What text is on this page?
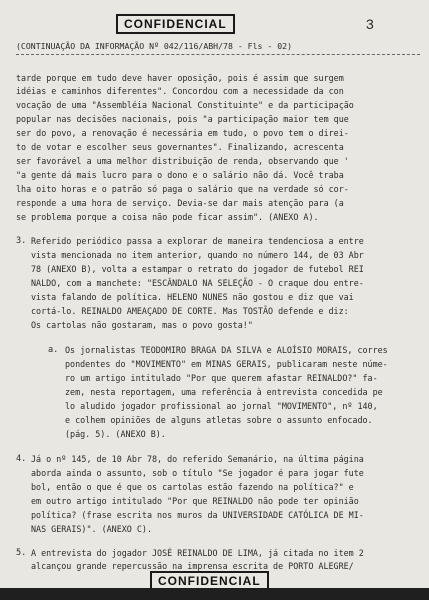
CONFIDENCIAL	3
(CONTINUAÇÃO DA INFORMAÇÃO Nº 042/116/ABH/78 - Fls - 02)
tarde porque em tudo deve haver oposição, pois é assim que surgem
idéias e caminhos diferentes". Concordou com a necessidade da con
vocação de uma "Assembléia Nacional Constituinte" e da participação
popular nas decisões nacionais, pois "a participação maior tem que
ser do povo, a renovação é necessária em tudo, o povo tem o direi-
to de votar e escolher seus governantes". Finalizando, acrescenta
ser favorável a uma melhor distribuição de renda, observando que '
"a gente dá mais lucro para o dono e o salário não dá. Você traba
lha oito horas e o patrão só paga o salário que na verdade só cor-
responde a uma hora de serviço. Devia-se dar mais atenção para (a
se problema porque a coisa não pode ficar assim". (ANEXO A).
3. Referido periódico passa a explorar de maneira tendenciosa a entre
vista mencionada no item anterior, quando no número 144, de 03 Abr
78 (ANEXO B), volta a estampar o retrato do jogador de futebol REI
NALDO, com a manchete: "ESCÂNDALO NA SELEÇÃO - O craque dou entre-
vista falando de política. HELENO NUNES não gostou e diz que vai
cortá-lo. REINALDO AMEAÇADO DE CORTE. Mas TOSTÃO defende e diz:
Os cartolas não gostaram, mas o povo gosta!"
a. Os jornalistas TEODOMIRO BRAGA DA SILVA e ALOÍSIO MORAIS, corres
pondentes do "MOVIMENTO" em MINAS GERAIS, publicaram neste núme-
ro um artigo intitulado "Por que querem afastar REINALDO?" fa-
zem, nesta reportagem, uma referência à entrevista concedida pe
lo aludido jogador profissional ao jornal "MOVIMENTO", nº 140,
e colhem opiniões de alguns atletas sobre o assunto enfocado.
(pág. 5). (ANEXO B).
4. Já o nº 145, de 10 Abr 78, do referido Semanário, na última página
aborda ainda o assunto, sob o título "Se jogador é para jogar fute
bol, então o que é que os cartolas estão fazendo na política?" e
em outro artigo intitulado "Por que REINALDO não pode ter opinião
política? (frase escrita nos muros da UNIVERSIDADE CATÓLICA DE MI-
NAS GERAIS)". (ANEXO C).
5. A entrevista do jogador JOSÉ REINALDO DE LIMA, já citada no item 2
alcançou grande repercussão na imprensa escrita de PORTO ALEGRE/
CONFIDENCIAL
